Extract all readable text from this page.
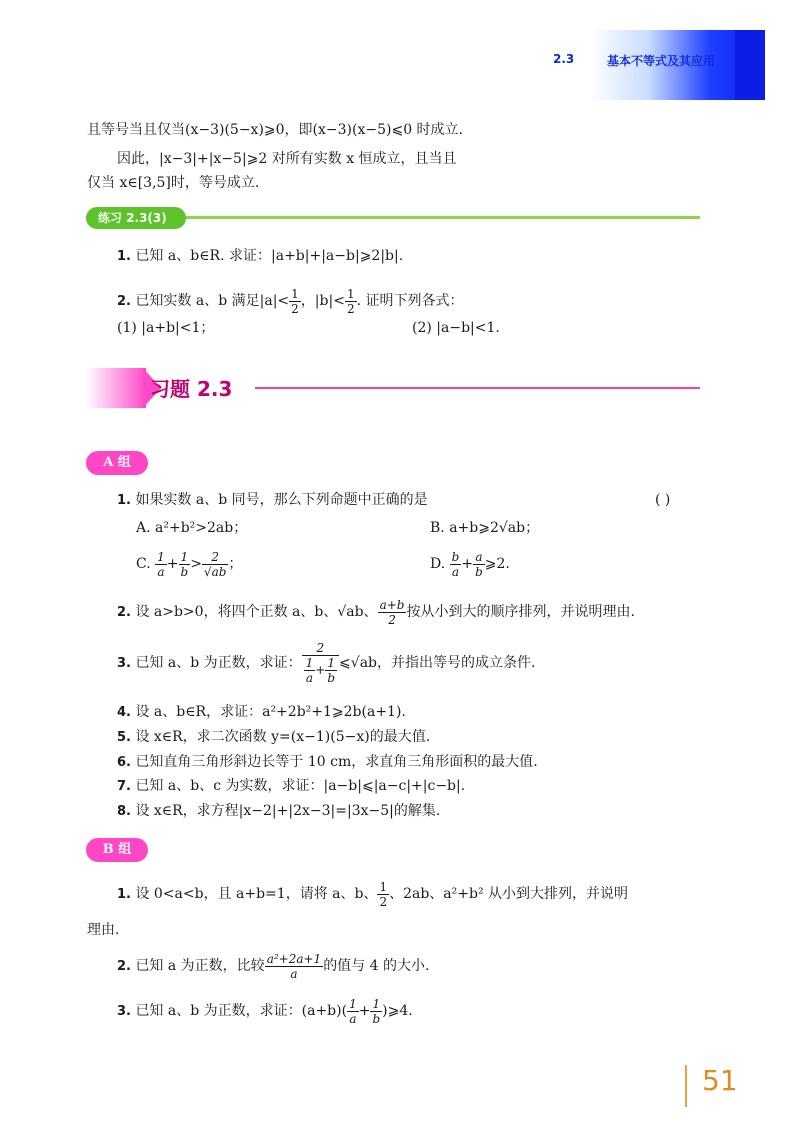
2.3	基本不等式及其应用
且等号当且仅当(x−3)(5−x)⩾0，即(x−3)(x−5)⩽0 时成立.
因此，|x−3|+|x−5|⩾2 对所有实数 x 恒成立，且当且
仅当 x∈[3,5]时，等号成立.
练习 2.3(3)
1. 已知 a、b∈R. 求证：|a+b|+|a−b|⩾2|b|.
2. 已知实数 a、b 满足$|a|< \frac{1}{2}$ ，$|b|< \frac{1}{2}$ . 证明下列各式：
(1) |a+b|<1；	(2) |a−b|<1.
习题 2.3
A 组
1. 如果实数 a、b 同号，那么下列命题中正确的是	( )
A. a²+b²>2ab；	B. a+b⩾2√ab；
C. $\frac{1}{a} + \frac{1}{b} > \frac{2}{√ab}$ ；	D. $\frac{b}{a} + \frac{a}{b}$ ⩾2.
2. 设 a>b>0，将四个正数 a、b、√ab、 $\frac{a+b}{2}$ 按从小到大的顺序排列，并说明理由.
3. 已知 a、b 为正数，求证： $\frac{2}{\frac{1}{a} + \frac{1}{b}}$ ⩽√ab，并指出等号的成立条件.
4. 设 a、b∈R，求证：a²+2b²+1⩾2b(a+1).
5. 设 x∈R，求二次函数 y=(x−1)(5−x)的最大值.
6. 已知直角三角形斜边长等于 10 cm，求直角三角形面积的最大值.
7. 已知 a、b、c 为实数，求证：|a−b|⩽|a−c|+|c−b|.
8. 设 x∈R，求方程|x−2|+|2x−3|=|3x−5|的解集.
B 组
1. 设 0<a<b，且 a+b=1，请将 a、b、 $\frac{1}{2}$ 、2ab、a²+b² 从小到大排列，并说明
理由.
2. 已知 a 为正数，比较 $\frac{\text{a²+2a+1}}{a}$ 的值与 4 的大小.
3. 已知 a、b 为正数，求证：$(a+b)( \frac{1}{a} + \frac{1}{b}$ )⩾4.
51
